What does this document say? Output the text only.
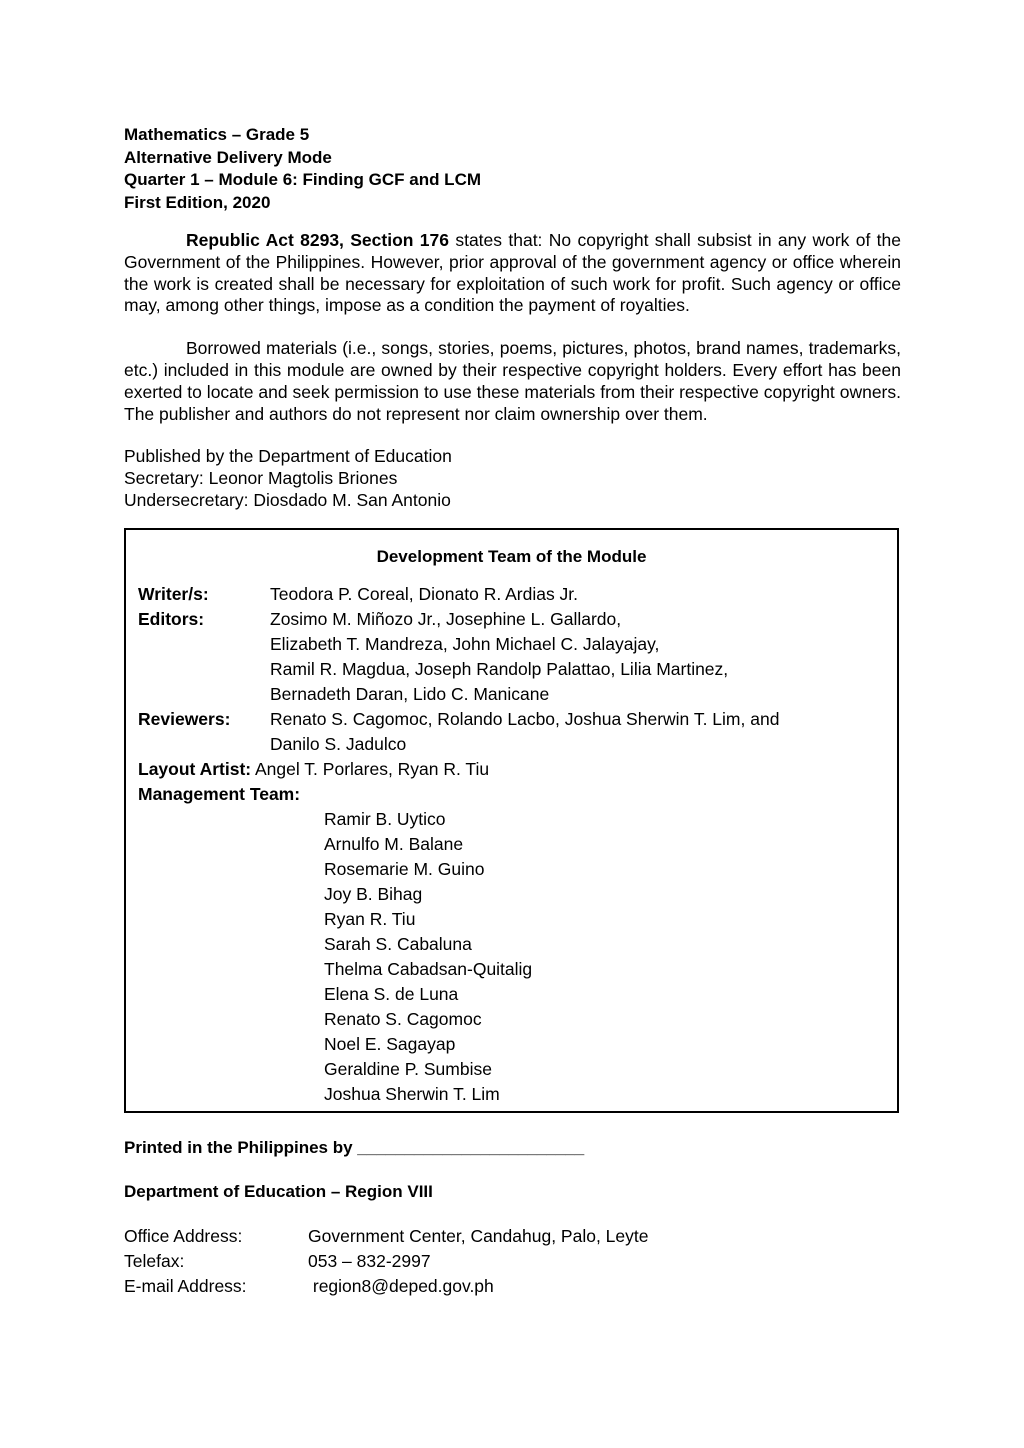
Mathematics – Grade 5
Alternative Delivery Mode
Quarter 1 – Module 6: Finding GCF and LCM
First Edition, 2020

Republic Act 8293, Section 176 states that: No copyright shall subsist in any work of the Government of the Philippines. However, prior approval of the government agency or office wherein the work is created shall be necessary for exploitation of such work for profit. Such agency or office may, among other things, impose as a condition the payment of royalties.

Borrowed materials (i.e., songs, stories, poems, pictures, photos, brand names, trademarks, etc.) included in this module are owned by their respective copyright holders. Every effort has been exerted to locate and seek permission to use these materials from their respective copyright owners. The publisher and authors do not represent nor claim ownership over them.

Published by the Department of Education
Secretary: Leonor Magtolis Briones
Undersecretary: Diosdado M. San Antonio
Development Team of the Module
Writer/s:	Teodora P. Coreal, Dionato R. Ardias Jr.
Editors:	Zosimo M. Miñozo Jr., Josephine L. Gallardo,
Elizabeth T. Mandreza, John Michael C. Jalayajay,
Ramil R. Magdua, Joseph Randolp Palattao, Lilia Martinez,
Bernadeth Daran, Lido C. Manicane
Reviewers:	Renato S. Cagomoc, Rolando Lacbo, Joshua Sherwin T. Lim, and
Danilo S. Jadulco
Layout Artist: Angel T. Porlares, Ryan R. Tiu
Management Team:
Ramir B. Uytico
Arnulfo M. Balane
Rosemarie M. Guino
Joy B. Bihag
Ryan R. Tiu
Sarah S. Cabaluna
Thelma Cabadsan-Quitalig
Elena S. de Luna
Renato S. Cagomoc
Noel E. Sagayap
Geraldine P. Sumbise
Joshua Sherwin T. Lim
Printed in the Philippines by ________________________
Department of Education – Region VIII
Office Address:	Government Center, Candahug, Palo, Leyte
Telefax:	053 – 832-2997
E-mail Address:	region8@deped.gov.ph
